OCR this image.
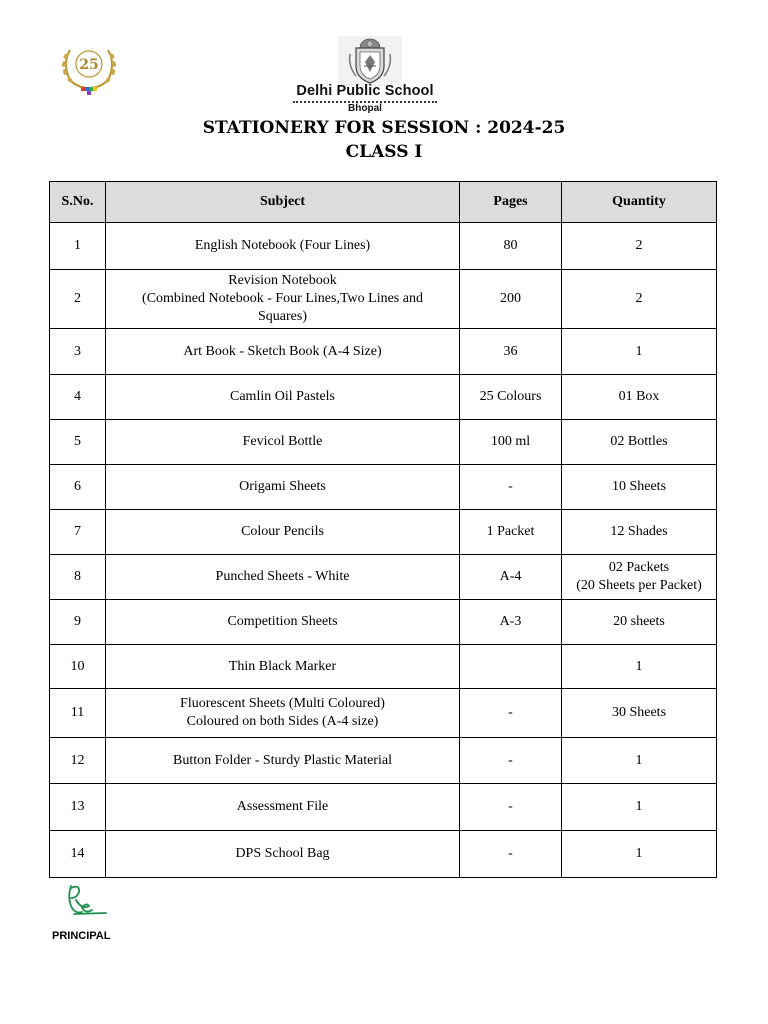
25
Delhi Public School
Bhopal
STATIONERY FOR SESSION : 2024-25
CLASS I
S.No.	Subject	Pages	Quantity
1	English Notebook (Four Lines)	80	2

2	Revision Notebook
(Combined Notebook - Four Lines,Two Lines and
Squares)	200	2

3	Art Book - Sketch Book (A-4 Size)	36	1

4	Camlin Oil Pastels	25 Colours	01 Box

5	Fevicol Bottle	100 ml	02 Bottles

6	Origami Sheets	-	10 Sheets

7	Colour Pencils	1 Packet	12 Shades

8	Punched Sheets - White	A-4	02 Packets
(20 Sheets per Packet)

9	Competition Sheets	A-3	20 sheets

10	Thin Black Marker		1

11	Fluorescent Sheets (Multi Coloured)
Coloured on both Sides (A-4 size)	-	30 Sheets

12	Button Folder - Sturdy Plastic Material	-	1

13	Assessment File	-	1

14	DPS School Bag	-	1
PRINCIPAL
